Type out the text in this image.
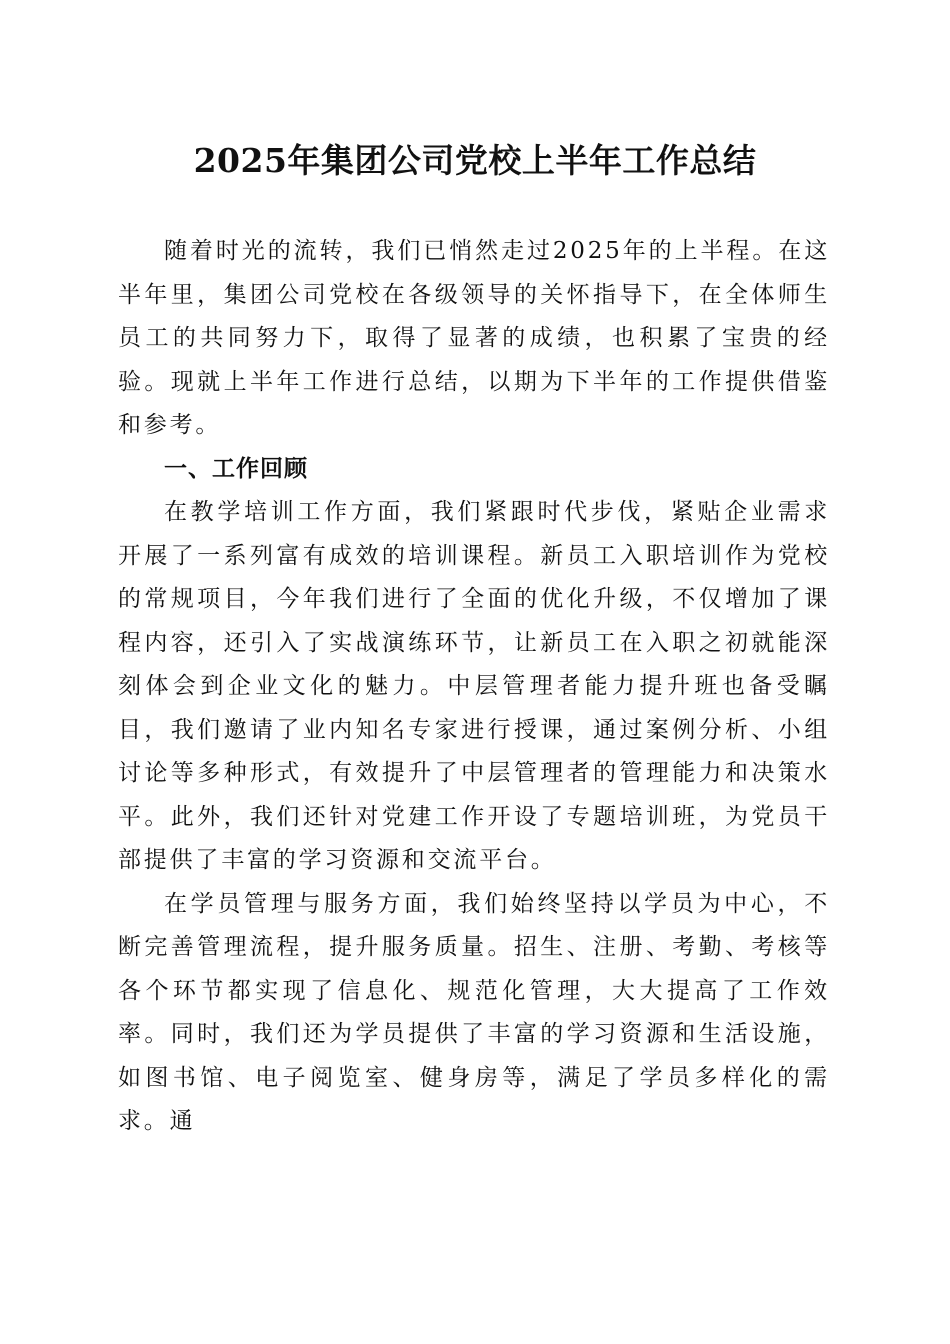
2025年集团公司党校上半年工作总结

随着时光的流转，我们已悄然走过2025年的上半程。在这半年里，集团公司党校在各级领导的关怀指导下，在全体师生员工的共同努力下，取得了显著的成绩，也积累了宝贵的经验。现就上半年工作进行总结，以期为下半年的工作提供借鉴和参考。

一、工作回顾

在教学培训工作方面，我们紧跟时代步伐，紧贴企业需求开展了一系列富有成效的培训课程。新员工入职培训作为党校的常规项目，今年我们进行了全面的优化升级，不仅增加了课程内容，还引入了实战演练环节，让新员工在入职之初就能深刻体会到企业文化的魅力。中层管理者能力提升班也备受瞩目，我们邀请了业内知名专家进行授课，通过案例分析、小组讨论等多种形式，有效提升了中层管理者的管理能力和决策水平。此外，我们还针对党建工作开设了专题培训班，为党员干部提供了丰富的学习资源和交流平台。

在学员管理与服务方面，我们始终坚持以学员为中心，不断完善管理流程，提升服务质量。招生、注册、考勤、考核等各个环节都实现了信息化、规范化管理，大大提高了工作效率。同时，我们还为学员提供了丰富的学习资源和生活设施，如图书馆、电子阅览室、健身房等，满足了学员多样化的需求。通
